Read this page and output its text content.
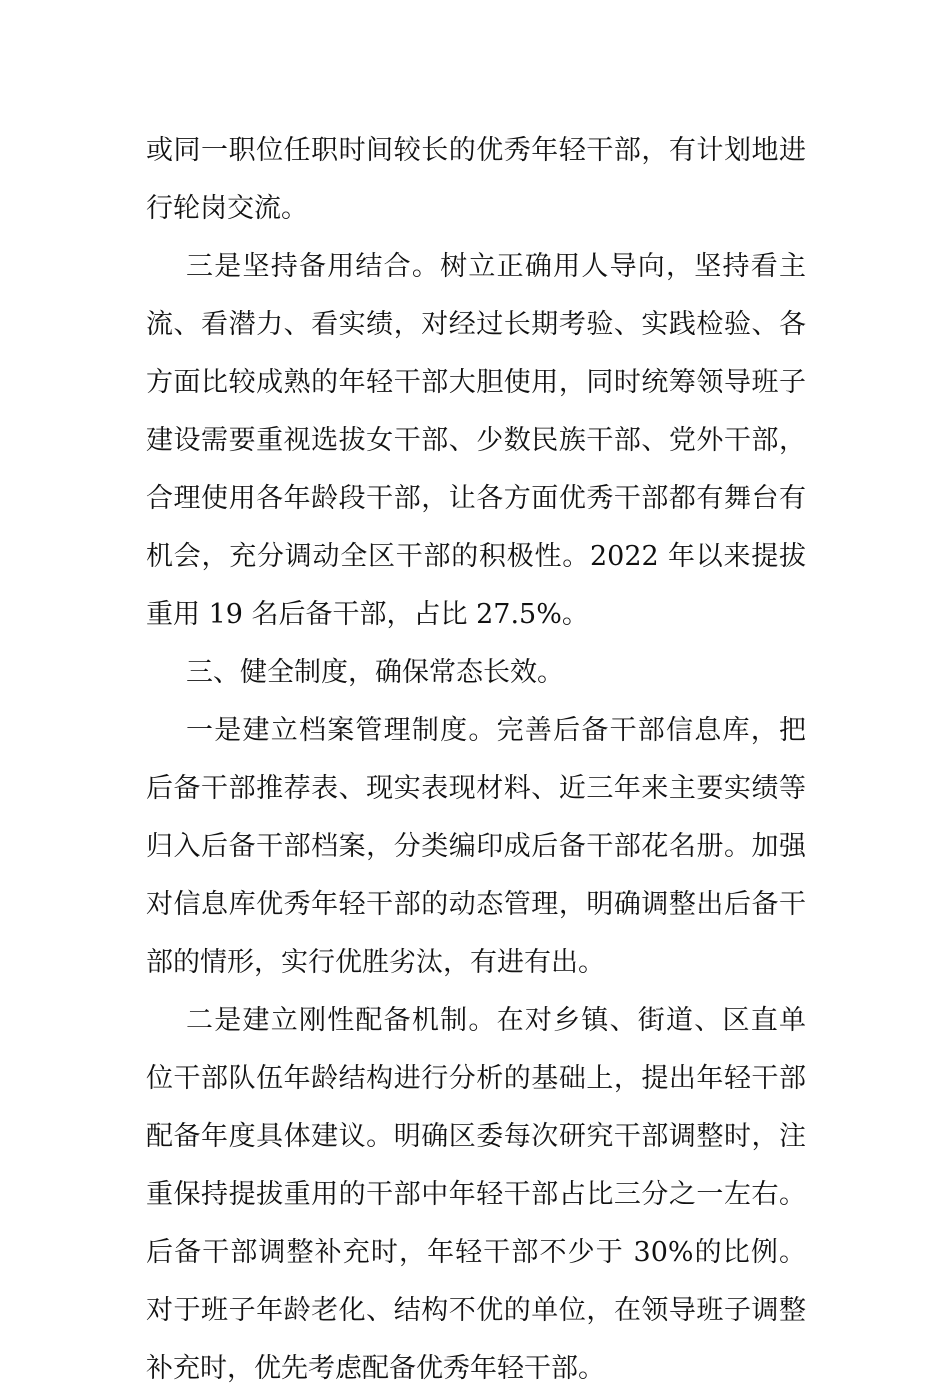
或同一职位任职时间较长的优秀年轻干部，有计划地进行轮岗交流。

三是坚持备用结合。树立正确用人导向，坚持看主流、看潜力、看实绩，对经过长期考验、实践检验、各方面比较成熟的年轻干部大胆使用，同时统筹领导班子建设需要重视选拔女干部、少数民族干部、党外干部，合理使用各年龄段干部，让各方面优秀干部都有舞台有机会，充分调动全区干部的积极性。2022 年以来提拔重用 19 名后备干部，占比 27.5%。

三、健全制度，确保常态长效。

一是建立档案管理制度。完善后备干部信息库，把后备干部推荐表、现实表现材料、近三年来主要实绩等归入后备干部档案，分类编印成后备干部花名册。加强对信息库优秀年轻干部的动态管理，明确调整出后备干部的情形，实行优胜劣汰，有进有出。

二是建立刚性配备机制。在对乡镇、街道、区直单位干部队伍年龄结构进行分析的基础上，提出年轻干部配备年度具体建议。明确区委每次研究干部调整时，注重保持提拔重用的干部中年轻干部占比三分之一左右。后备干部调整补充时，年轻干部不少于 30%的比例。对于班子年龄老化、结构不优的单位，在领导班子调整补充时，优先考虑配备优秀年轻干部。
